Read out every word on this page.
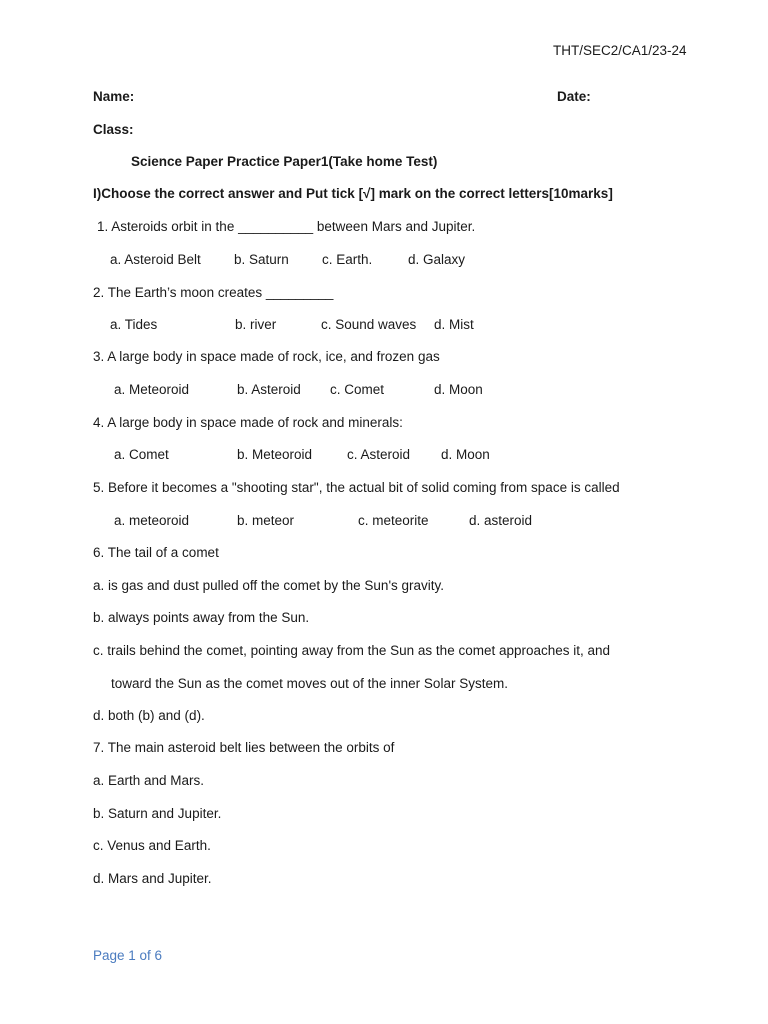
THT/SEC2/CA1/23-24
Name:	Date:
Class:
Science Paper Practice Paper1(Take home Test)
I)Choose the correct answer and Put tick [√] mark on the correct letters[10marks]
1. Asteroids orbit in the __________ between Mars and Jupiter.
a. Asteroid Belt b. Saturn c. Earth.	d. Galaxy
2. The Earth’s moon creates _________
a. Tides	b. river	c. Sound waves d. Mist
3. A large body in space made of rock, ice, and frozen gas
a. Meteoroid	b. Asteroid c. Comet	d. Moon
4. A large body in space made of rock and minerals:
a. Comet	b. Meteoroid	c. Asteroid d. Moon
5. Before it becomes a "shooting star", the actual bit of solid coming from space is called
a. meteoroid	b. meteor	c. meteorite	d. asteroid
6. The tail of a comet
a. is gas and dust pulled off the comet by the Sun's gravity.
b. always points away from the Sun.
c. trails behind the comet, pointing away from the Sun as the comet approaches it, and
toward the Sun as the comet moves out of the inner Solar System.
d. both (b) and (d).
7. The main asteroid belt lies between the orbits of
a. Earth and Mars.
b. Saturn and Jupiter.
c. Venus and Earth.
d. Mars and Jupiter.
Page 1 of 6
